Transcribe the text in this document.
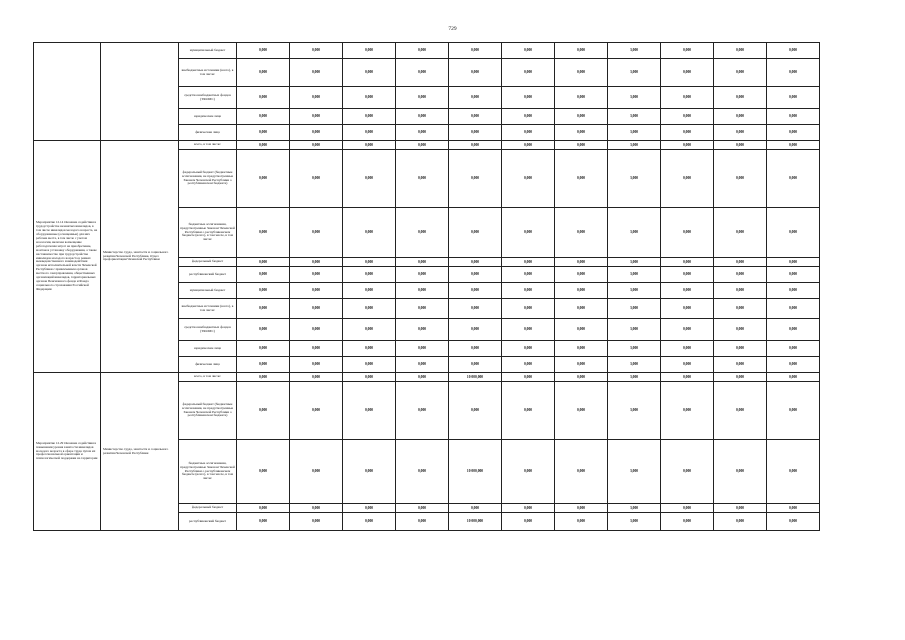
729
		муниципальный бюджет	0,000	0,000	0,000	0,000	0,000	0,000	0,000	3,000	0,000	0,000	0,000
		внебюджетные источники (всего), в том числе:	0,000	0,000	0,000	0,000	0,000	0,000	0,000	3,000	0,000	0,000	0,000
		средства внебюджетных фондов (ТФОМС)	0,000	0,000	0,000	0,000	0,000	0,000	0,000	3,000	0,000	0,000	0,000
		юридические лица	0,000	0,000	0,000	0,000	0,000	0,000	0,000	3,000	0,000	0,000	0,000
		физические лица	0,000	0,000	0,000	0,000	0,000	0,000	0,000	3,000	0,000	0,000	0,000
Мероприятие 12.14 Оказание содействия в трудоустройстве незанятых инвалидов, в том числе инвалидов молодого возраста, на оборудованные (оснащенные) для них рабочие места, в том числе с учетом нозологии, включая возмещение работодателям затрат на приобретение, монтаж и установку оборудования, а также наставничество при трудоустройстве инвалидов молодого возраста в рамках межведомственного взаимодействия органов исполнительной власти Чеченской Республики с привлечением органов местного самоуправления, общественных организаций инвалидов, территориальных органов Пенсионного фонда и Фонда социального страхования Российской Федерации	Министерство труда, занятости и социального развития Чеченской Республики, Отдел профориентации Чеченской Республики	всего, в том числе:	0,000	0,000	0,000	0,000	0,000	0,000	0,000	3,000	0,000	0,000	0,000
		федеральный бюджет (бюджетные ассигнования, не предусмотренные Законом Чеченской Республики о республиканском бюджете)	0,000	0,000	0,000	0,000	0,000	0,000	0,000	3,000	0,000	0,000	0,000
		бюджетные ассигнования, предусмотренные Законом Чеченской Республики о республиканском бюджете (всего), в том числе, в том числе:	0,000	0,000	0,000	0,000	0,000	0,000	0,000	3,000	0,000	0,000	0,000
		федеральный бюджет	0,000	0,000	0,000	0,000	0,000	0,000	0,000	3,000	0,000	0,000	0,000
		республиканский бюджет	0,000	0,000	0,000	0,000	0,000	0,000	0,000	3,000	0,000	0,000	0,000
		муниципальный бюджет	0,000	0,000	0,000	0,000	0,000	0,000	0,000	3,000	0,000	0,000	0,000
		внебюджетные источники (всего), в том числе:	0,000	0,000	0,000	0,000	0,000	0,000	0,000	3,000	0,000	0,000	0,000
		средства внебюджетных фондов (ТФОМС)	0,000	0,000	0,000	0,000	0,000	0,000	0,000	3,000	0,000	0,000	0,000
		юридические лица	0,000	0,000	0,000	0,000	0,000	0,000	0,000	3,000	0,000	0,000	0,000
		физические лица	0,000	0,000	0,000	0,000	0,000	0,000	0,000	3,000	0,000	0,000	0,000
Мероприятие 12.29 Оказание содействия в повышении уровня занятости инвалидов молодого возраста в сфере труда путем их профессиональной ориентации и психологической поддержки на территории	Министерство труда, занятости и социального развития Чеченской Республики	всего, в том числе:	0,000	0,000	0,000	0,000	10 000,000	0,000	0,000	3,000	0,000	0,000	0,000
		федеральный бюджет (бюджетные ассигнования, не предусмотренные Законом Чеченской Республики о республиканском бюджете)	0,000	0,000	0,000	0,000	0,000	0,000	0,000	3,000	0,000	0,000	0,000
		бюджетные ассигнования, предусмотренные Законом Чеченской Республики о республиканском бюджете (всего), в том числе, в том числе:	0,000	0,000	0,000	0,000	10 000,000	0,000	0,000	3,000	0,000	0,000	0,000
		федеральный бюджет	0,000	0,000	0,000	0,000	0,000	0,000	0,000	3,000	0,000	0,000	0,000
		республиканский бюджет	0,000	0,000	0,000	0,000	10 000,000	0,000	0,000	3,000	0,000	0,000	0,000
